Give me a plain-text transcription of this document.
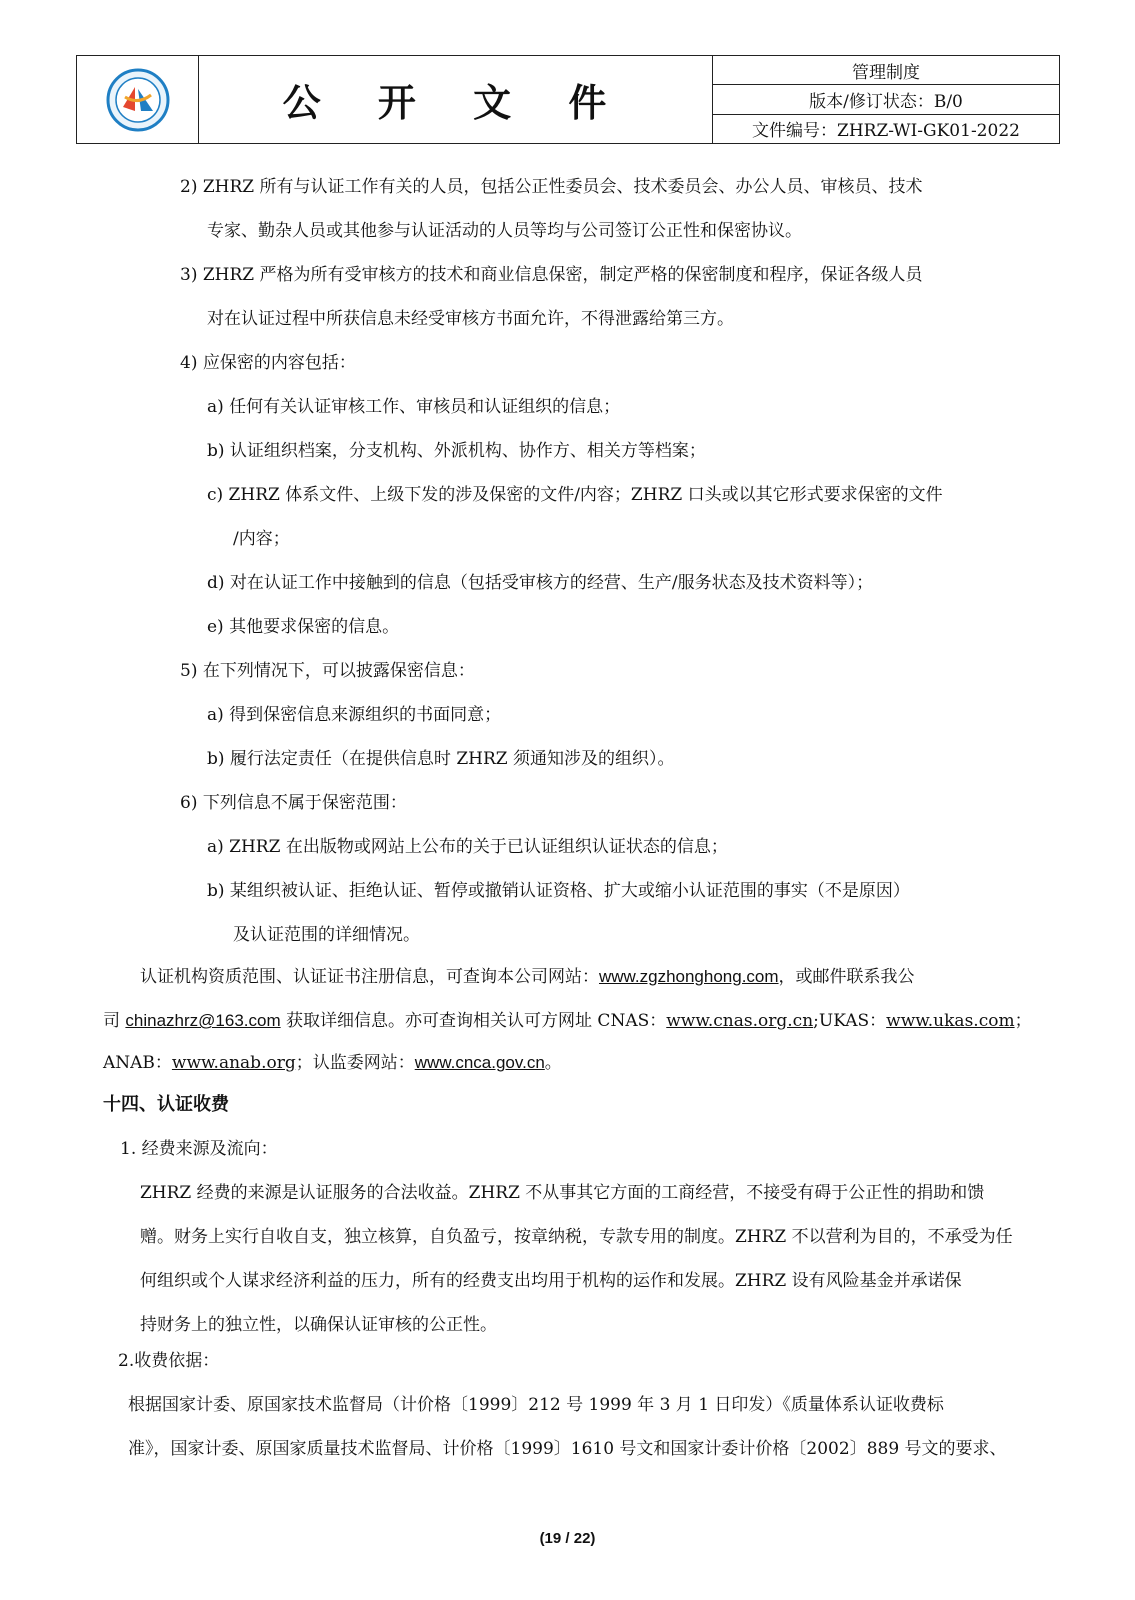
公 开 文 件
管理制度
版本/修订状态：B/0
文件编号：ZHRZ-WI-GK01-2022
2) ZHRZ 所有与认证工作有关的人员，包括公正性委员会、技术委员会、办公人员、审核员、技术
专家、勤杂人员或其他参与认证活动的人员等均与公司签订公正性和保密协议。
3) ZHRZ 严格为所有受审核方的技术和商业信息保密，制定严格的保密制度和程序，保证各级人员
对在认证过程中所获信息未经受审核方书面允许，不得泄露给第三方。
4) 应保密的内容包括：
a) 任何有关认证审核工作、审核员和认证组织的信息；
b) 认证组织档案，分支机构、外派机构、协作方、相关方等档案；
c) ZHRZ 体系文件、上级下发的涉及保密的文件/内容；ZHRZ 口头或以其它形式要求保密的文件
/内容；
d) 对在认证工作中接触到的信息（包括受审核方的经营、生产/服务状态及技术资料等）；
e) 其他要求保密的信息。
5) 在下列情况下，可以披露保密信息：
a) 得到保密信息来源组织的书面同意；
b) 履行法定责任（在提供信息时 ZHRZ 须通知涉及的组织）。
6) 下列信息不属于保密范围：
a) ZHRZ 在出版物或网站上公布的关于已认证组织认证状态的信息；
b) 某组织被认证、拒绝认证、暂停或撤销认证资格、扩大或缩小认证范围的事实（不是原因）
及认证范围的详细情况。
认证机构资质范围、认证证书注册信息，可查询本公司网站：www.zgzhonghong.com，或邮件联系我公
司 chinazhrz@163.com 获取详细信息。亦可查询相关认可方网址 CNAS：www.cnas.org.cn;UKAS：www.ukas.com；
ANAB：www.anab.org；认监委网站：www.cnca.gov.cn。
十四、认证收费
1. 经费来源及流向：
ZHRZ 经费的来源是认证服务的合法收益。ZHRZ 不从事其它方面的工商经营，不接受有碍于公正性的捐助和馈
赠。财务上实行自收自支，独立核算，自负盈亏，按章纳税，专款专用的制度。ZHRZ 不以营利为目的，不承受为任
何组织或个人谋求经济利益的压力，所有的经费支出均用于机构的运作和发展。ZHRZ 设有风险基金并承诺保
持财务上的独立性，以确保认证审核的公正性。
2.收费依据：
根据国家计委、原国家技术监督局（计价格〔1999〕212 号 1999 年 3 月 1 日印发）《质量体系认证收费标
准》，国家计委、原国家质量技术监督局、计价格〔1999〕1610 号文和国家计委计价格〔2002〕889 号文的要求、
(19 / 22)
